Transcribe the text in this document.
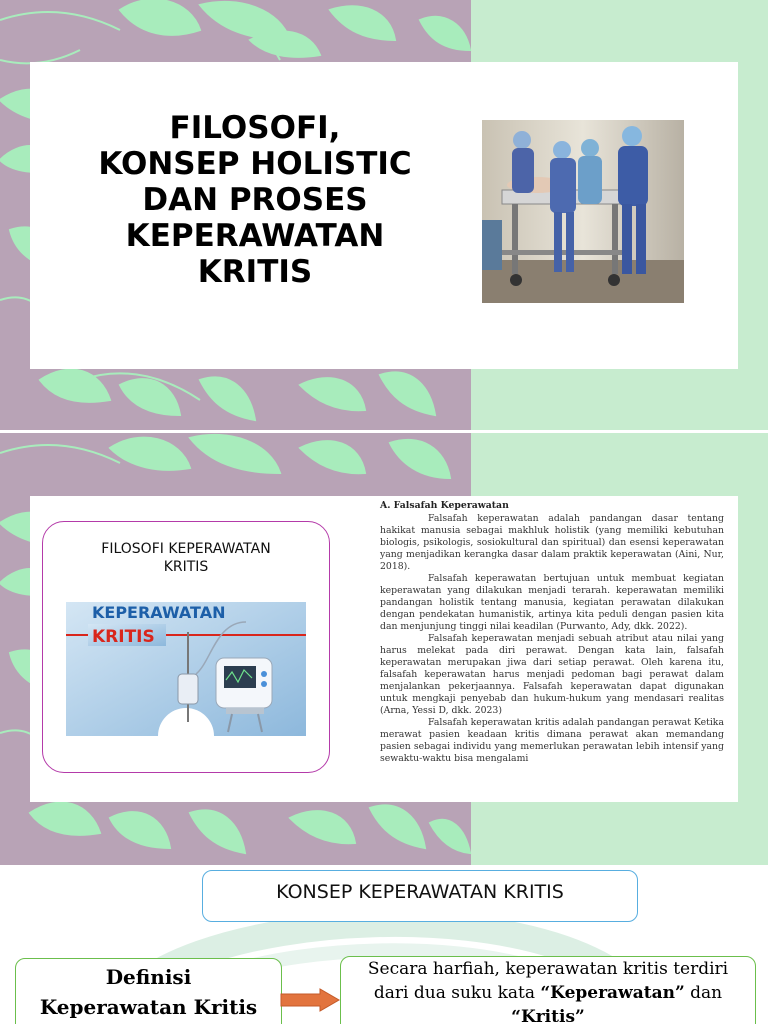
FILOSOFI,
KONSEP HOLISTIC
DAN PROSES
KEPERAWATAN
KRITIS

FILOSOFI KEPERAWATAN
KRITIS

KEPERAWATAN
KRITIS
A. Falsafah Keperawatan

Falsafah keperawatan adalah pandangan dasar tentang hakikat manusia sebagai makhluk holistik (yang memiliki kebutuhan biologis, psikologis, sosiokultural dan spiritual) dan esensi keperawatan yang menjadikan kerangka dasar dalam praktik keperawatan (Aini, Nur, 2018).

Falsafah keperawatan bertujuan untuk membuat kegiatan keperawatan yang dilakukan menjadi terarah. keperawatan memiliki pandangan holistik tentang manusia, kegiatan perawatan dilakukan dengan pendekatan humanistik, artinya kita peduli dengan pasien kita dan menjunjung tinggi nilai keadilan (Purwanto, Ady, dkk. 2022).

Falsafah keperawatan menjadi sebuah atribut atau nilai yang harus melekat pada diri perawat. Dengan kata lain, falsafah keperawatan merupakan jiwa dari setiap perawat. Oleh karena itu, falsafah keperawatan harus menjadi pedoman bagi perawat dalam menjalankan pekerjaannya. Falsafah keperawatan dapat digunakan untuk mengkaji penyebab dan hukum-hukum yang mendasari realitas (Arna, Yessi D, dkk. 2023)

Falsafah keperawatan kritis adalah pandangan perawat Ketika merawat pasien keadaan kritis dimana perawat akan memandang pasien sebagai individu yang memerlukan perawatan lebih intensif yang sewaktu-waktu bisa mengalami

KONSEP KEPERAWATAN KRITIS
Definisi
Keperawatan Kritis
Secara harfiah, keperawatan kritis terdiri
dari dua suku kata “Keperawatan” dan
“Kritis”
